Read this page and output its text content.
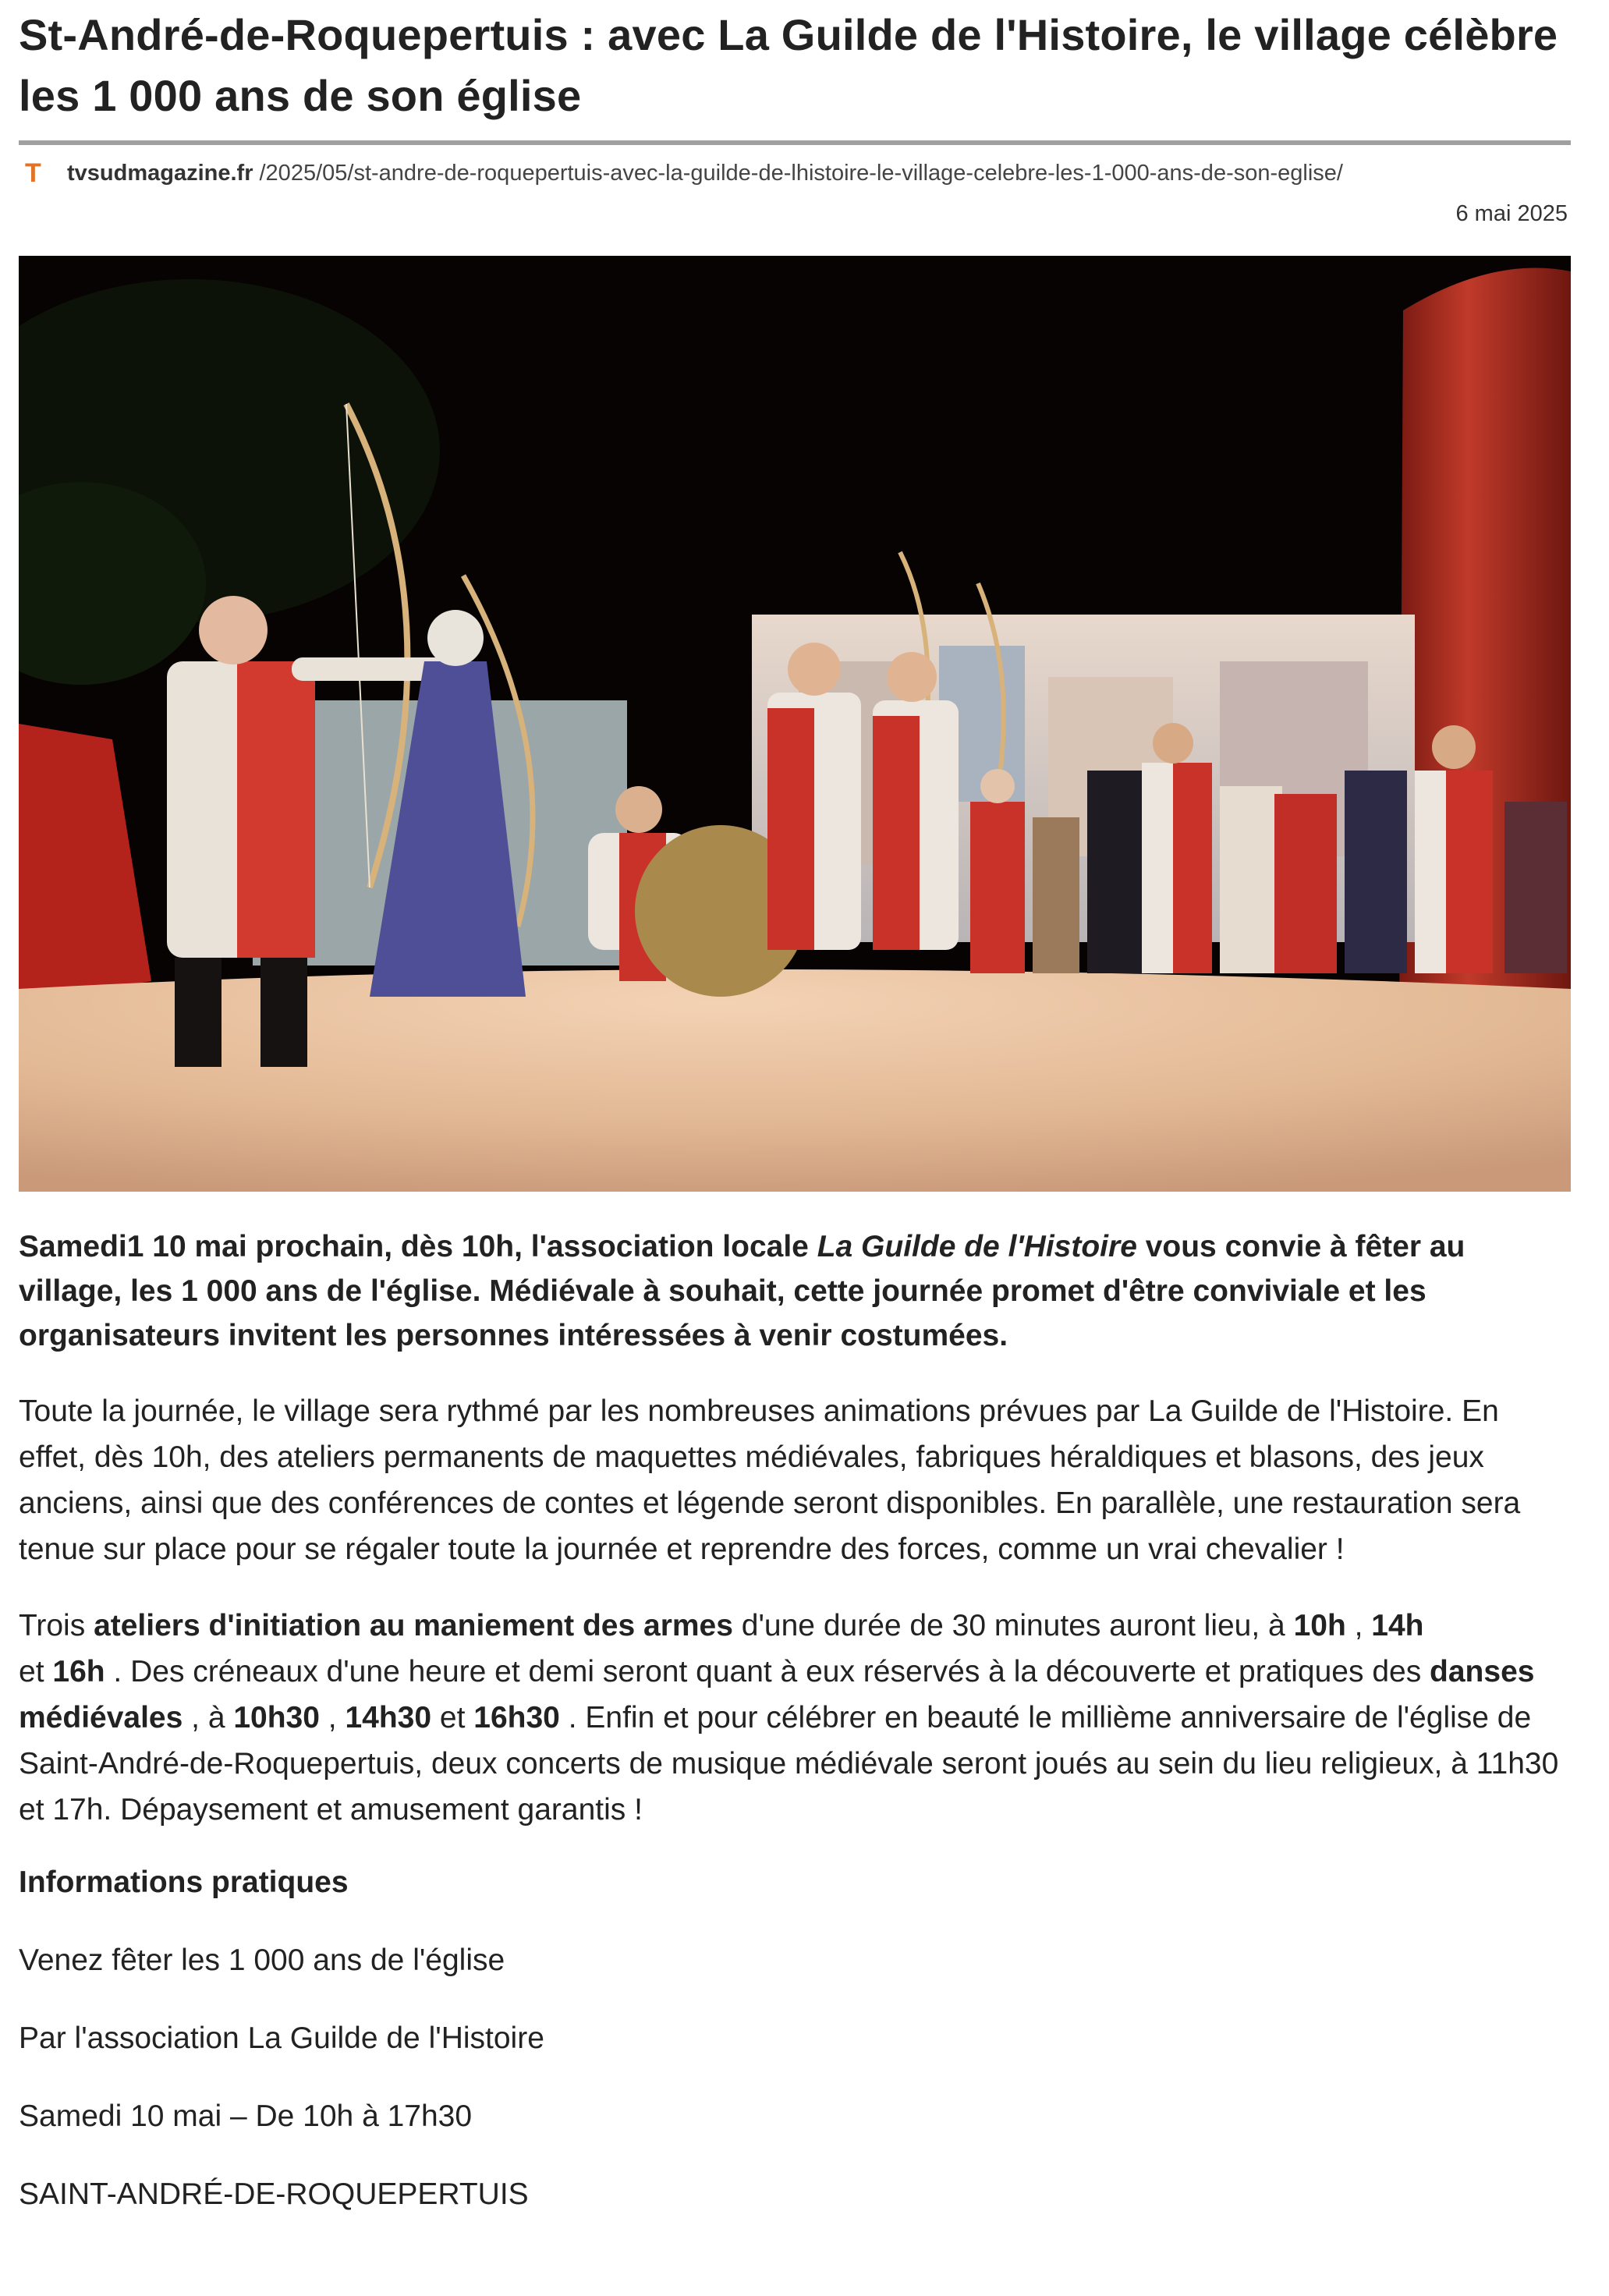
St-André-de-Roquepertuis : avec La Guilde de l'Histoire, le village célèbre les 1 000 ans de son église
T	tvsudmagazine.fr /2025/05/st-andre-de-roquepertuis-avec-la-guilde-de-lhistoire-le-village-celebre-les-1-000-ans-de-son-eglise/
6 mai 2025

Samedi1 10 mai prochain, dès 10h, l'association locale La Guilde de l'Histoire vous convie à fêter au village, les 1 000 ans de l'église. Médiévale à souhait, cette journée promet d'être conviviale et les organisateurs invitent les personnes intéressées à venir costumées.

Toute la journée, le village sera rythmé par les nombreuses animations prévues par La Guilde de l'Histoire. En effet, dès 10h, des ateliers permanents de maquettes médiévales, fabriques héraldiques et blasons, des jeux anciens, ainsi que des conférences de contes et légende seront disponibles. En parallèle, une restauration sera tenue sur place pour se régaler toute la journée et reprendre des forces, comme un vrai chevalier !

Trois ateliers d'initiation au maniement des armes d'une durée de 30 minutes auront lieu, à 10h , 14h
et 16h . Des créneaux d'une heure et demi seront quant à eux réservés à la découverte et pratiques des danses médiévales , à 10h30 , 14h30 et 16h30 . Enfin et pour célébrer en beauté le millième anniversaire de l'église de Saint-André-de-Roquepertuis, deux concerts de musique médiévale seront joués au sein du lieu religieux, à 11h30 et 17h. Dépaysement et amusement garantis !

Informations pratiques
Venez fêter les 1 000 ans de l'église
Par l'association La Guilde de l'Histoire
Samedi 10 mai – De 10h à 17h30
SAINT-ANDRÉ-DE-ROQUEPERTUIS
